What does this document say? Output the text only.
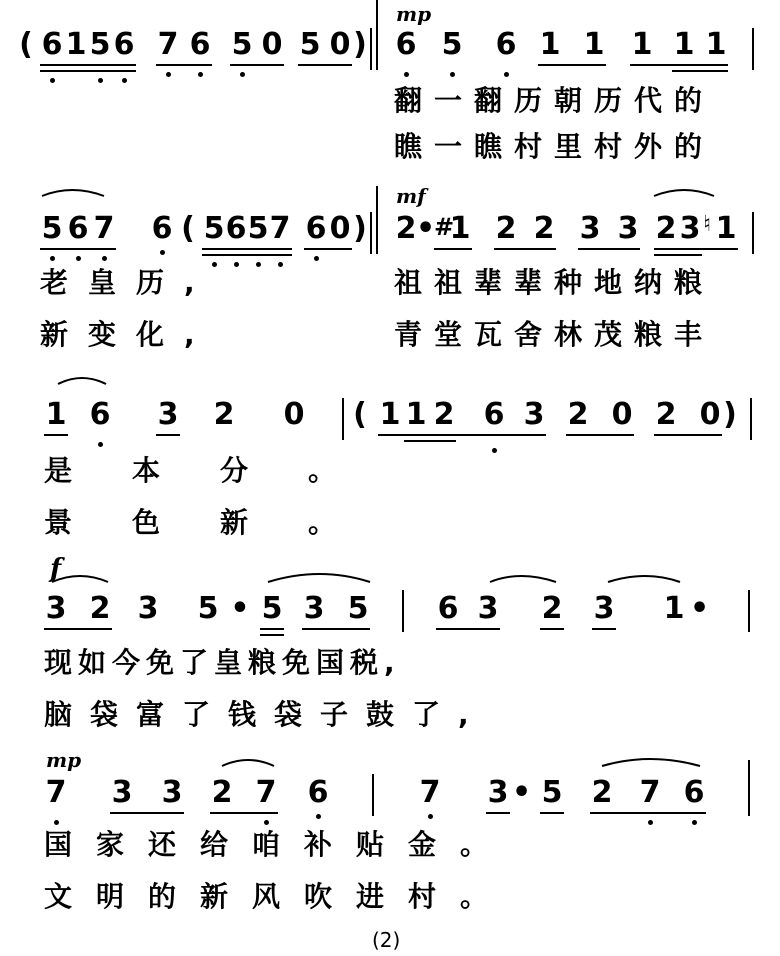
mp
( 6 1 5 6 7 6 5 0 5 0 ) 6 5 6 1 1 1 1 1
翻一翻历朝历代的
瞧一瞧村里村外的
mf
5 6 7 6 ( 5 6 5 7 6 0 ) 2 •
#
1 2 2 3 3 2 3 ♮ 1
老皇历,	祖祖辈辈种地纳粮
新变化,	青堂瓦舍林茂粮丰
1 6 3 2 0 ( 1 1 2 6 3 2 0 2 0 )
是本分。
景色新。
f
3 2 3 5 • 5 3 5 6 3 2 3 1 •
现如今免了皇粮免国税,
脑袋富了钱袋子鼓了,
mp
7 3 3 2 7 6	7 3 • 5 2 7 6
国家还给咱补贴金。
文明的新风吹进村。
(2)
